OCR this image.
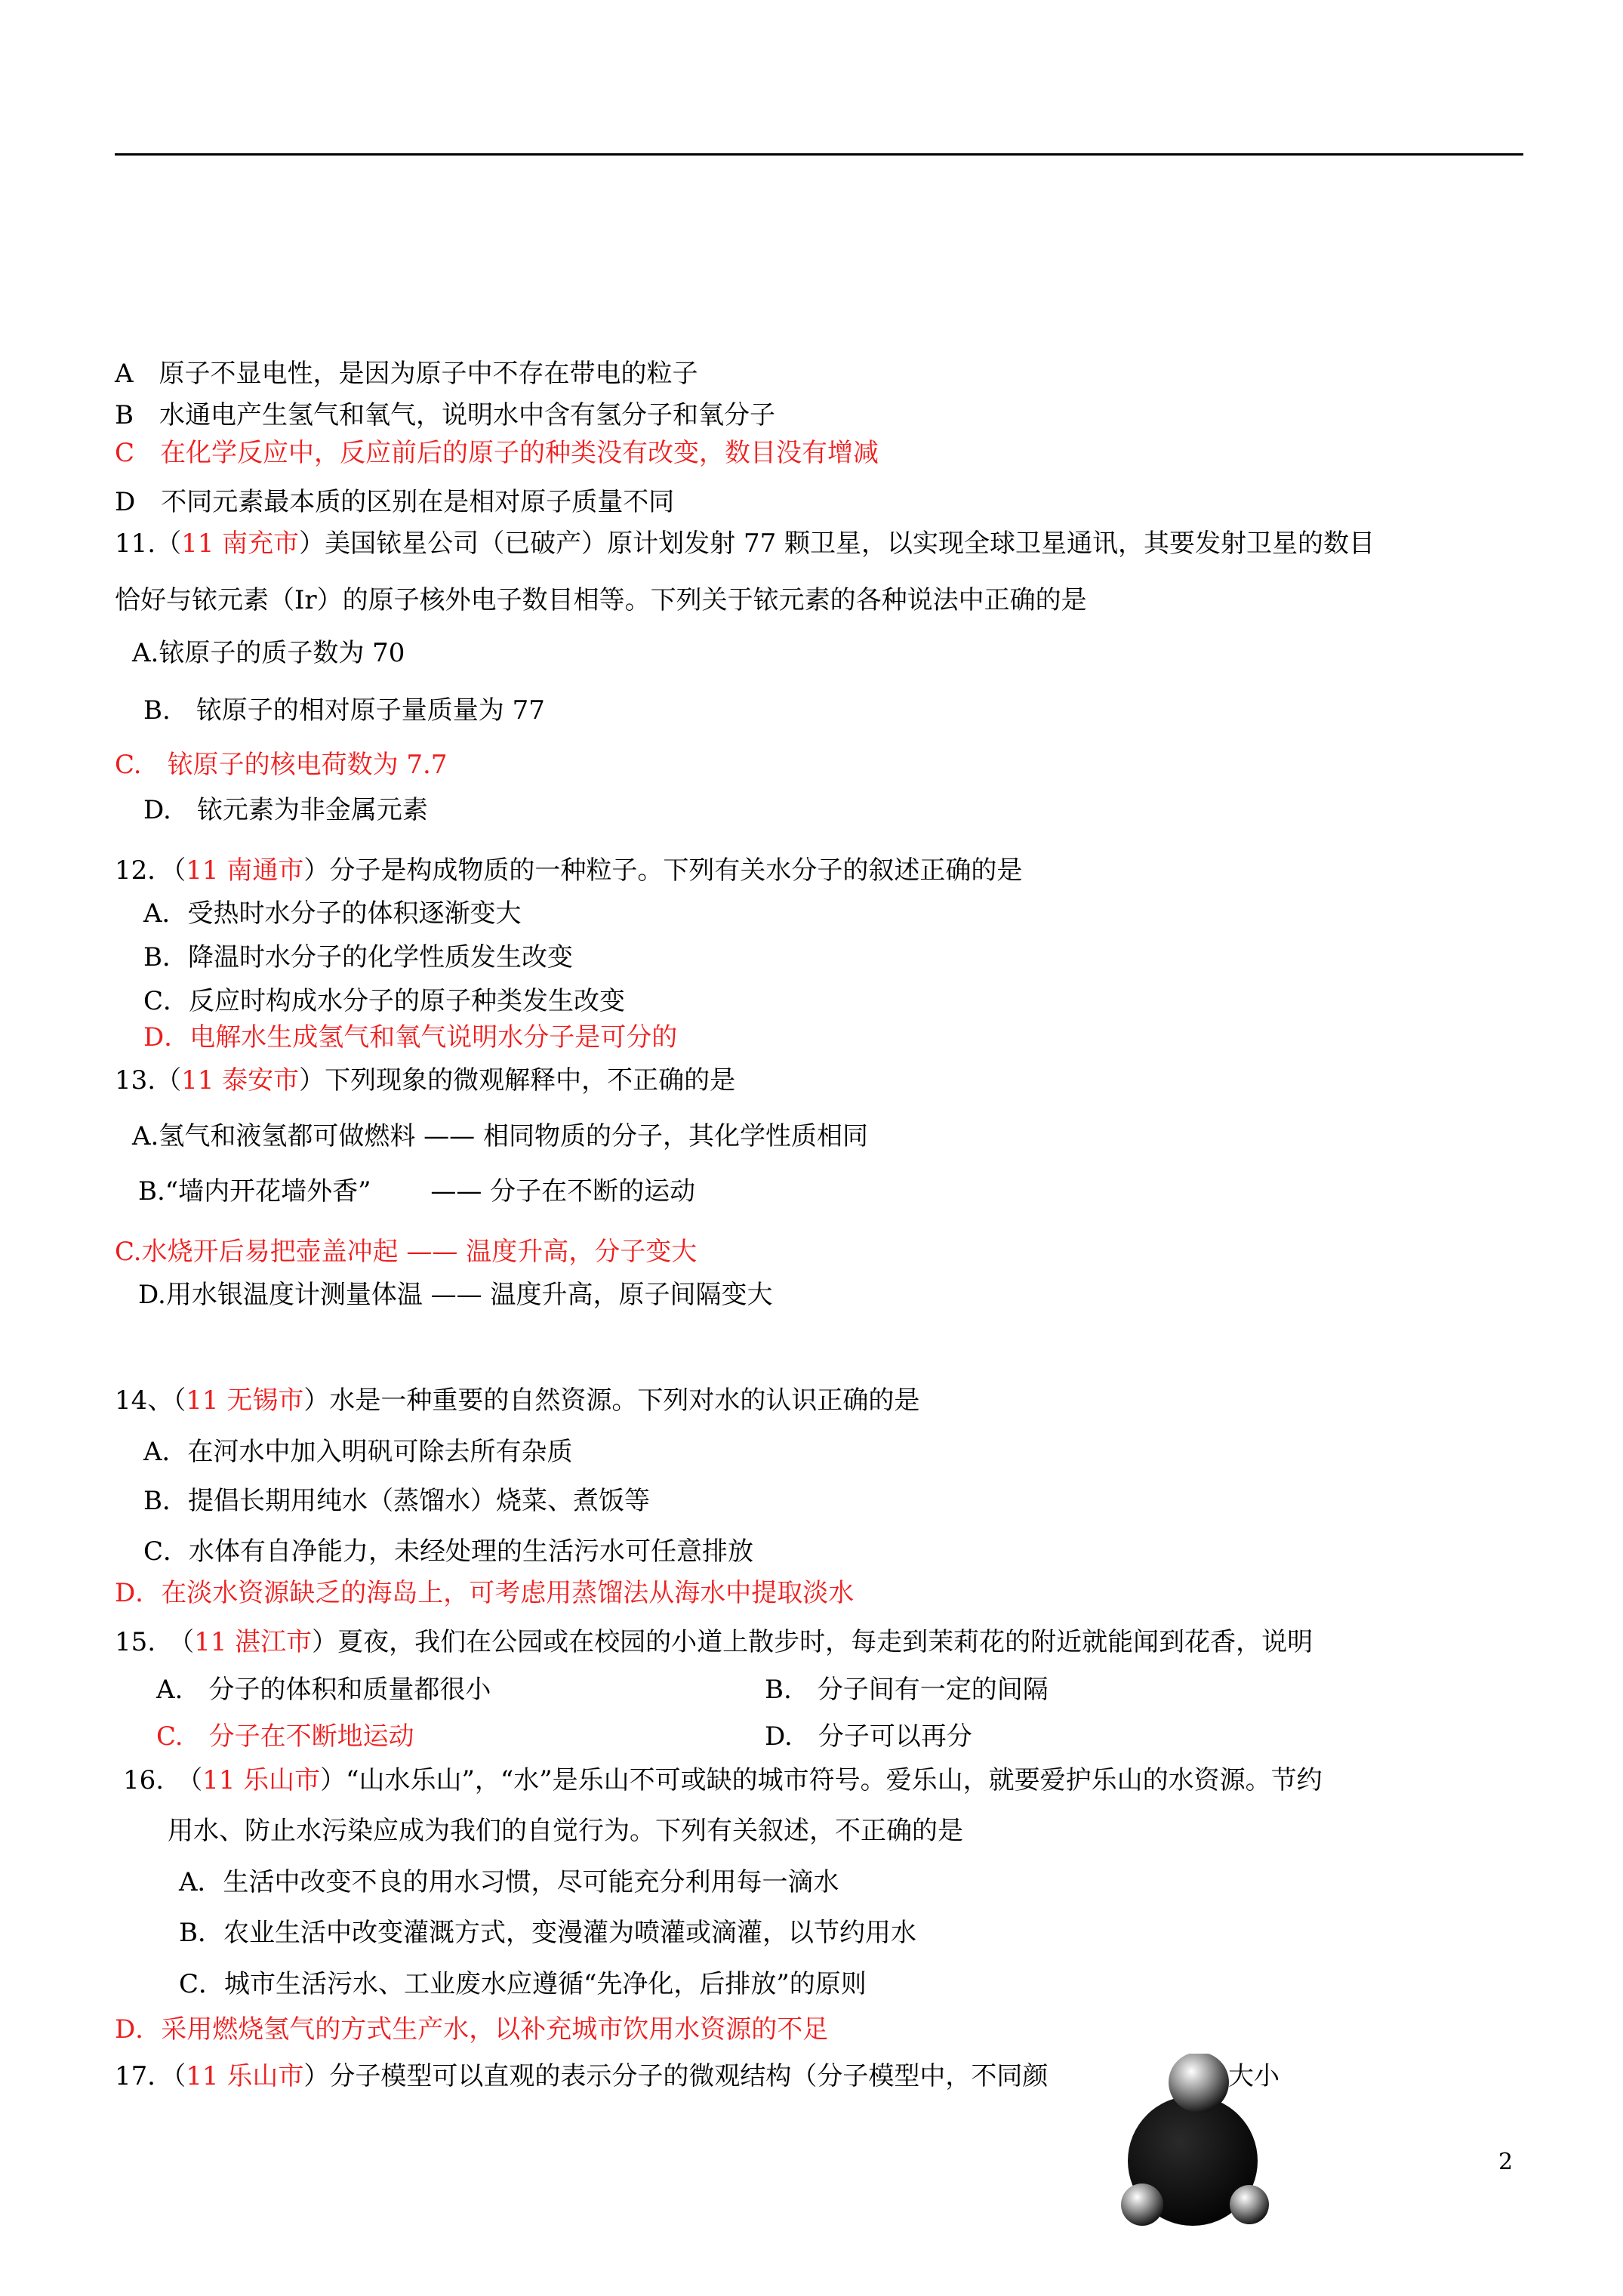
A　原子不显电性，是因为原子中不存在带电的粒子
B　水通电产生氢气和氧气，说明水中含有氢分子和氧分子
C　在化学反应中，反应前后的原子的种类没有改变，数目没有增减
D　不同元素最本质的区别在是相对原子质量不同
11.（11 南充市）美国铱星公司（已破产）原计划发射 77 颗卫星，以实现全球卫星通讯，其要发射卫星的数目
恰好与铱元素（Ir）的原子核外电子数目相等。下列关于铱元素的各种说法中正确的是
A.铱原子的质子数为 70
B.　铱原子的相对原子量质量为 77
C.　铱原子的核电荷数为 7.7
D.　铱元素为非金属元素
12．（11 南通市）分子是构成物质的一种粒子。下列有关水分子的叙述正确的是
A．受热时水分子的体积逐渐变大
B．降温时水分子的化学性质发生改变
C．反应时构成水分子的原子种类发生改变
D．电解水生成氢气和氧气说明水分子是可分的
13.（11 泰安市）下列现象的微观解释中，不正确的是
A.氢气和液氢都可做燃料 —— 相同物质的分子，其化学性质相同
B.“墙内开花墙外香”　　 —— 分子在不断的运动
C.水烧开后易把壶盖冲起 —— 温度升高，分子变大
D.用水银温度计测量体温 —— 温度升高，原子间隔变大
14、（11 无锡市）水是一种重要的自然资源。下列对水的认识正确的是
A．在河水中加入明矾可除去所有杂质
B．提倡长期用纯水（蒸馏水）烧菜、煮饭等
C．水体有自净能力，未经处理的生活污水可任意排放
D．在淡水资源缺乏的海岛上，可考虑用蒸馏法从海水中提取淡水
15.　（11 湛江市）夏夜，我们在公园或在校园的小道上散步时，每走到茉莉花的附近就能闻到花香，说明
A.　分子的体积和质量都很小	B.　分子间有一定的间隔
C.　分子在不断地运动	D.　分子可以再分
16.　（11 乐山市）“山水乐山”，“水”是乐山不可或缺的城市符号。爱乐山，就要爱护乐山的水资源。节约
用水、防止水污染应成为我们的自觉行为。下列有关叙述，不正确的是
A．生活中改变不良的用水习惯，尽可能充分利用每一滴水
B．农业生活中改变灌溉方式，变漫灌为喷灌或滴灌，以节约用水
C．城市生活污水、工业废水应遵循“先净化，后排放”的原则
D．采用燃烧氢气的方式生产水，以补充城市饮用水资源的不足
17．（11 乐山市）分子模型可以直观的表示分子的微观结构（分子模型中，不同颜	大小
2
